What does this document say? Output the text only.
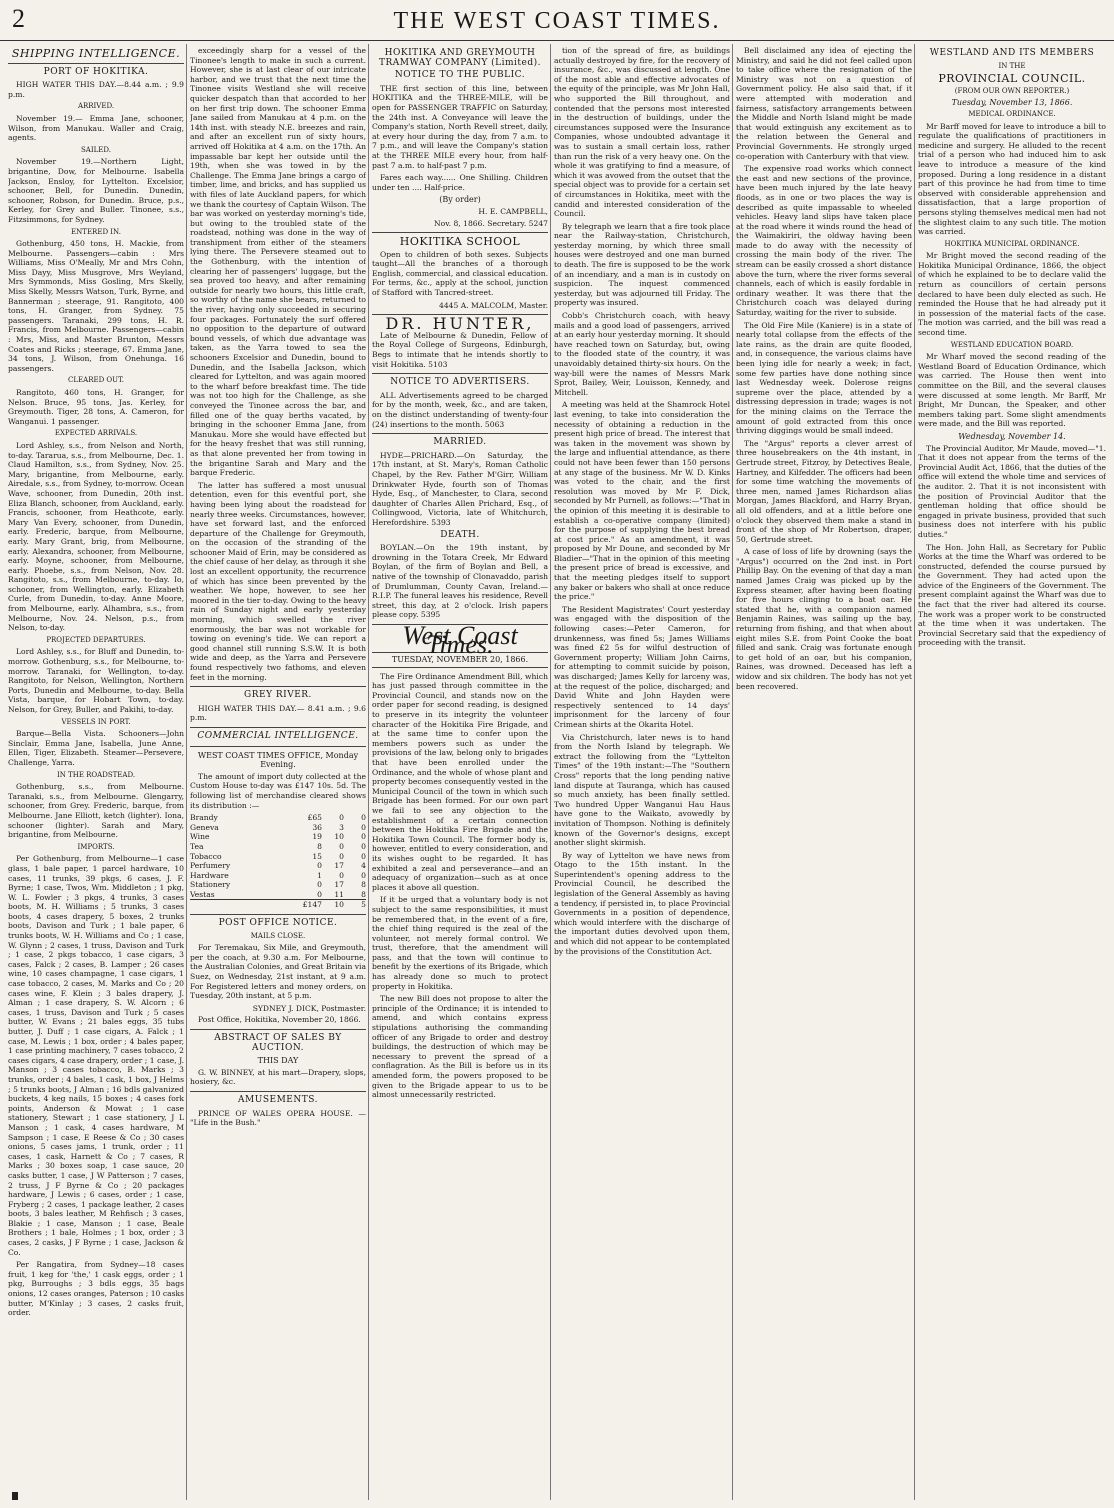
2	THE WEST COAST TIMES.
SHIPPING INTELLIGENCE.
PORT OF HOKITIKA.

HIGH WATER THIS DAY.—8.44 a.m. ; 9.9 p.m.

ARRIVED.

November 19.— Emma Jane, schooner, Wilson, from Manukau. Waller and Craig, agents.

SAILED.

November 19.—Northern Light, brigantine, Dow, for Melbourne. Isabella Jackson, Ensloy, for Lyttelton. Excelsior, schooner, Bell, for Dunedin. Dunedin, schooner, Robson, for Dunedin. Bruce, p.s., Kerley, for Grey and Buller. Tinonee, s.s., Fitzsimmons, for Sydney.

ENTERED IN.

Gothenburg, 450 tons, H. Mackie, from Melbourne. Passengers—cabin : Mrs Williams, Miss O'Meally, Mr and Mrs Cohn, Miss Dayy, Miss Musgrove, Mrs Weyland, Mrs Symmonds, Miss Gosling, Mrs Skelly, Miss Skelly, Messrs Watson, Turk, Byrne, and Bannerman ; steerage, 91. Rangitoto, 400 tons, H. Granger, from Sydney. 75 passengers. Taranaki, 299 tons, H. R. Francis, from Melbourne. Passengers—cabin : Mrs, Miss, and Master Brunton, Messrs Coates and Ricks ; steerage, 67. Emma Jane, 34 tons, J. Wilson, from Onehunga. 16 passengers.

CLEARED OUT.

Rangitoto, 460 tons, H. Granger, for Nelson. Bruce, 95 tons, Jas. Kerley, for Greymouth. Tiger, 28 tons, A. Cameron, for Wanganui. 1 passenger.

EXPECTED ARRIVALS.

Lord Ashley, s.s., from Nelson and North, to-day. Tararua, s.s., from Melbourne, Dec. 1. Claud Hamilton, s.s., from Sydney, Nov. 25. Mary, brigantine, from Melbourne, early. Airedale, s.s., from Sydney, to-morrow. Ocean Wave, schooner, from Dunedin, 20th inst. Eliza Blanch, schooner, from Auckland, early. Francis, schooner, from Heathcote, early. Mary Van Every, schooner, from Dunedin, early. Frederic, barque, from Melbourne, early. Mary Grant, brig, from Melbourne, early. Alexandra, schooner, from Melbourne, early. Moyne, schooner, from Melbourne, early. Phoebe, s.s., from Nelson, Nov. 28. Rangitoto, s.s., from Melbourne, to-day. Io, schooner, from Wellington, early. Elizabeth Curle, from Dunedin, to-day. Anne Moore, from Melbourne, early. Alhambra, s.s., from Melbourne, Nov. 24. Nelson, p.s., from Nelson, to-day.

PROJECTED DEPARTURES.

Lord Ashley, s.s., for Bluff and Dunedin, to-morrow. Gothenburg, s.s., for Melbourne, to-morrow. Taranaki, for Wellington, to-day. Rangitoto, for Nelson, Wellington, Northern Ports, Dunedin and Melbourne, to-day. Bella Vista, barque, for Hobart Town, to-day. Nelson, for Grey, Buller, and Pakihi, to-day.

VESSELS IN PORT.

Barque—Bella Vista. Schooners—John Sinclair, Emma Jane, Isabella, June Anne, Ellen, Tiger, Elizabeth. Steamer—Persevere, Challenge, Yarra.

IN THE ROADSTEAD.

Gothenburg, s.s., from Melbourne. Taranaki, s.s., from Melbourne. Glengarry, schooner, from Grey. Frederic, barque, from Melbourne. Jane Elliott, ketch (lighter). Iona, schooner (lighter). Sarah and Mary, brigantine, from Melbourne.

IMPORTS.

Per Gothenburg, from Melbourne—1 case glass, 1 bale paper, 1 parcel hardware, 10 cases, 11 trunks, 39 pkgs, 6 cases, J. F. Byrne; 1 case, Twos, Wm. Middleton ; 1 pkg, W. L. Fowler ; 3 pkgs, 4 trunks, 3 cases boots, M. H. Williams ; 5 trunks, 3 cases boots, 4 cases drapery, 5 boxes, 2 trunks boots, Davison and Turk ; 1 bale paper, 6 trunks boots, W. H. Williams and Co ; 1 case, W. Glynn ; 2 cases, 1 truss, Davison and Turk ; 1 case, 2 pkgs tobacco, 1 case cigars, 3 cases, Falck ; 2 cases, B. Lamper ; 26 cases wine, 10 cases champagne, 1 case cigars, 1 case tobacco, 2 cases, M. Marks and Co ; 20 cases wine, F. Klein ; 3 bales drapery, J. Alman ; 1 case drapery, S. W. Alcorn ; 6 cases, 1 truss, Davison and Turk ; 5 cases butter, W. Evans ; 21 bales eggs, 35 tubs butter, J. Duff ; 1 case cigars, A. Falck ; 1 case, M. Lewis ; 1 box, order ; 4 bales paper, 1 case printing machinery, 7 cases tobacco, 2 cases cigars, 4 case drapery, order ; 1 case, J. Manson ; 3 cases tobacco, B. Marks ; 3 trunks, order ; 4 bales, 1 cask, 1 box, J Helms ; 5 trunks boots, J Alman ; 16 bdls galvanized buckets, 4 keg nails, 15 boxes ; 4 cases fork points, Anderson & Mowat ; 1 case stationery, Stewart ; 1 case stationery, J L Manson ; 1 cask, 4 cases hardware, M Sampson ; 1 case, E Reese & Co ; 30 cases onions, 5 cases jams, 1 trunk, order ; 11 cases, 1 cask, Harnett & Co ; 7 cases, R Marks ; 30 boxes soap, 1 case sauce, 20 casks butter, 1 case, J W Patterson ; 7 cases, 2 truss, J F Byrne & Co ; 20 packages hardware, J Lewis ; 6 cases, order ; 1 case, Fryberg ; 2 cases, 1 package leather, 2 cases boots, 3 bales leather, M Rehfisch ; 3 cases, Blakie ; 1 case, Manson ; 1 case, Beale Brothers ; 1 bale, Holmes ; 1 box, order ; 3 cases, 2 casks, J F Byrne ; 1 case, Jackson & Co.

Per Rangatira, from Sydney—18 cases fruit, 1 keg for 'the,' 1 cask eggs, order ; 1 pkg, Burroughs ; 3 bdls eggs, 35 bags onions, 12 cases oranges, Paterson ; 10 casks butter, M'Kinlay ; 3 cases, 2 casks fruit, order.

exceedingly sharp for a vessel of the Tinonee's length to make in such a current. However, she is at last clear of our intricate harbor, and we trust that the next time the Tinonee visits Westland she will receive quicker despatch than that accorded to her on her first trip down. The schooner Emma Jane sailed from Manukau at 4 p.m. on the 14th inst. with steady N.E. breezes and rain, and after an excellent run of sixty hours, arrived off Hokitika at 4 a.m. on the 17th. An impassable bar kept her outside until the 19th, when she was towed in by the Challenge. The Emma Jane brings a cargo of timber, lime, and bricks, and has supplied us with files of late Auckland papers, for which we thank the courtesy of Captain Wilson. The bar was worked on yesterday morning's tide, but owing to the troubled state of the roadstead, nothing was done in the way of transhipment from either of the steamers lying there. The Persevere steamed out to the Gothenburg, with the intention of clearing her of passengers' luggage, but the sea proved too heavy, and after remaining outside for nearly two hours, this little craft, so worthy of the name she bears, returned to the river, having only succeeded in securing four packages. Fortunately the surf offered no opposition to the departure of outward bound vessels, of which due advantage was taken, as the Yarra towed to sea the schooners Excelsior and Dunedin, bound to Dunedin, and the Isabella Jackson, which cleared for Lyttelton, and was again moored to the wharf before breakfast time. The tide was not too high for the Challenge, as she conveyed the Tinonee across the bar, and filled one of the quay berths vacated, by bringing in the schooner Emma Jane, from Manukau. More she would have effected but for the heavy freshet that was still running, as that alone prevented her from towing in the brigantine Sarah and Mary and the barque Frederic.

The latter has suffered a most unusual detention, even for this eventful port, she having been lying about the roadstead for nearly three weeks. Circumstances, however, have set forward last, and the enforced departure of the Challenge for Greymouth, on the occasion of the stranding of the schooner Maid of Erin, may be considered as the chief cause of her delay, as through it she lost an excellent opportunity, the recurrence of which has since been prevented by the weather. We hope, however, to see her moored in the tier to-day. Owing to the heavy rain of Sunday night and early yesterday morning, which swelled the river enormously, the bar was not workable for towing on evening's tide. We can report a good channel still running S.S.W. It is both wide and deep, as the Yarra and Persevere found respectively two fathoms, and eleven feet in the morning.

GREY RIVER.

HIGH WATER THIS DAY.— 8.41 a.m. ; 9.6 p.m.

COMMERCIAL INTELLIGENCE.
WEST COAST TIMES OFFICE, Monday Evening.

The amount of import duty collected at the Custom House to-day was £147 10s. 5d. The following list of merchandise cleared shows its distribution :—

Brandy	£65	0	0
Geneva	36	3	0
Wine	19	10	0
Tea	8	0	0
Tobacco	15	0	0
Perfumery	0	17	4
Hardware	1	0	0
Stationery	0	17	8
Vestas	0	11	8
	£147	10	5
POST OFFICE NOTICE.
MAILS CLOSE.

For Teremakau, Six Mile, and Greymouth, per the coach, at 9.30 a.m. For Melbourne, the Australian Colonies, and Great Britain via Suez, on Wednesday, 21st instant, at 9 a.m. For Registered letters and money orders, on Tuesday, 20th instant, at 5 p.m.

SYDNEY J. DICK, Postmaster.

Post Office, Hokitika, November 20, 1866.

ABSTRACT OF SALES BY AUCTION.
THIS DAY

G. W. BINNEY, at his mart—Drapery, slops, hosiery, &c.

AMUSEMENTS.

PRINCE OF WALES OPERA HOUSE. — "Life in the Bush."

HOKITIKA AND GREYMOUTH TRAMWAY COMPANY (Limited).
NOTICE TO THE PUBLIC.

THE first section of this line, between HOKITIKA and the THREE-MILE, will be open for PASSENGER TRAFFIC on Saturday, the 24th inst. A Conveyance will leave the Company's station, North Revell street, daily, at every hour during the day, from 7 a.m. to 7 p.m., and will leave the Company's station at the THREE MILE every hour, from half-past 7 a.m. to half-past 7 p.m.

Fares each way...... One Shilling. Children under ten .... Half-price.

(By order)
H. E. CAMPBELL,
Nov. 8, 1866. Secretary. 5247
HOKITIKA SCHOOL

Open to children of both sexes. Subjects taught—All the branches of a thorough English, commercial, and classical education. For terms, &c., apply at the school, junction of Stafford with Tancred-street.

4445 A. MALCOLM, Master.
DR. HUNTER,

Late of Melbourne & Dunedin, Fellow of the Royal College of Surgeons, Edinburgh, Begs to intimate that he intends shortly to visit Hokitika. 5103

NOTICE TO ADVERTISERS.

ALL Advertisements agreed to be charged for by the month, week, &c., and are taken, on the distinct understanding of twenty-four (24) insertions to the month. 5063

MARRIED.

HYDE—PRICHARD.—On Saturday, the 17th instant, at St. Mary's, Roman Catholic Chapel, by the Rev. Father M'Girr, William Drinkwater Hyde, fourth son of Thomas Hyde, Esq., of Manchester, to Clara, second daughter of Charles Allen Prichard, Esq., of Collingwood, Victoria, late of Whitchurch, Herefordshire. 5393

DEATH.

BOYLAN.—On the 19th instant, by drowning in the Totara Creek, Mr Edward Boylan, of the firm of Boylan and Bell, a native of the township of Clonavaddo, parish of Drumlumman, County Cavan, Ireland.—R.I.P. The funeral leaves his residence, Revell street, this day, at 2 o'clock. Irish papers please copy. 5395

West Coast Times.
TUESDAY, NOVEMBER 20, 1866.

The Fire Ordinance Amendment Bill, which has just passed through committee in the Provincial Council, and stands now on the order paper for second reading, is designed to preserve in its integrity the volunteer character of the Hokitika Fire Brigade, and at the same time to confer upon the members powers such as under the provisions of the law, belong only to brigades that have been enrolled under the Ordinance, and the whole of whose plant and property becomes consequently vested in the Municipal Council of the town in which such Brigade has been formed. For our own part we fail to see any objection to the establishment of a certain connection between the Hokitika Fire Brigade and the Hokitika Town Council. The former body is, however, entitled to every consideration, and its wishes ought to be regarded. It has exhibited a zeal and perseverance—and an adequacy of organization—such as at once places it above all question.

If it be urged that a voluntary body is not subject to the same responsibilities, it must be remembered that, in the event of a fire, the chief thing required is the zeal of the volunteer, not merely formal control. We trust, therefore, that the amendment will pass, and that the town will continue to benefit by the exertions of its Brigade, which has already done so much to protect property in Hokitika.

The new Bill does not propose to alter the principle of the Ordinance; it is intended to amend, and which contains express stipulations authorising the commanding officer of any Brigade to order and destroy buildings, the destruction of which may be necessary to prevent the spread of a conflagration. As the Bill is before us in its amended form, the powers proposed to be given to the Brigade appear to us to be almost unnecessarily restricted.

tion of the spread of fire, as buildings actually destroyed by fire, for the recovery of insurance, &c., was discussed at length. One of the most able and effective advocates of the equity of the principle, was Mr John Hall, who supported the Bill throughout, and contended that the persons most interested in the destruction of buildings, under the circumstances supposed were the Insurance Companies, whose undoubted advantage it was to sustain a small certain loss, rather than run the risk of a very heavy one. On the whole it was gratifying to find a measure, of which it was avowed from the outset that the special object was to provide for a certain set of circumstances in Hokitika, meet with the candid and interested consideration of the Council.

By telegraph we learn that a fire took place near the Railway-station, Christchurch, yesterday morning, by which three small houses were destroyed and one man burned to death. The fire is supposed to be the work of an incendiary, and a man is in custody on suspicion. The inquest commenced yesterday, but was adjourned till Friday. The property was insured.

Cobb's Christchurch coach, with heavy mails and a good load of passengers, arrived at an early hour yesterday morning. It should have reached town on Saturday, but, owing to the flooded state of the country, it was unavoidably detained thirty-six hours. On the way-bill were the names of Messrs Mark Sprot, Bailey, Weir, Louisson, Kennedy, and Mitchell.

A meeting was held at the Shamrock Hotel last evening, to take into consideration the necessity of obtaining a reduction in the present high price of bread. The interest that was taken in the movement was shown by the large and influential attendance, as there could not have been fewer than 150 persons at any stage of the business. Mr W. D. Kinks was voted to the chair, and the first resolution was moved by Mr F. Dick, seconded by Mr Purnell, as follows:—"That in the opinion of this meeting it is desirable to establish a co-operative company (limited) for the purpose of supplying the best bread at cost price." As an amendment, it was proposed by Mr Doune, and seconded by Mr Bladier—"That in the opinion of this meeting the present price of bread is excessive, and that the meeting pledges itself to support any baker or bakers who shall at once reduce the price."

The Resident Magistrates' Court yesterday was engaged with the disposition of the following cases:—Peter Cameron, for drunkenness, was fined 5s; James Williams was fined £2 5s for wilful destruction of Government property; William John Cairns, for attempting to commit suicide by poison, was discharged; James Kelly for larceny was, at the request of the police, discharged; and David White and John Hayden were respectively sentenced to 14 days' imprisonment for the larceny of four Crimean shirts at the Okarita Hotel.

Via Christchurch, later news is to hand from the North Island by telegraph. We extract the following from the "Lyttelton Times" of the 19th instant:—The "Southern Cross" reports that the long pending native land dispute at Tauranga, which has caused so much anxiety, has been finally settled. Two hundred Upper Wanganui Hau Haus have gone to the Waikato, avowedly by invitation of Thompson. Nothing is definitely known of the Governor's designs, except another slight skirmish.

By way of Lyttelton we have news from Otago to the 15th instant. In the Superintendent's opening address to the Provincial Council, he described the legislation of the General Assembly as having a tendency, if persisted in, to place Provincial Governments in a position of dependence, which would interfere with the discharge of the important duties devolved upon them, and which did not appear to be contemplated by the provisions of the Constitution Act.

Bell disclaimed any idea of ejecting the Ministry, and said he did not feel called upon to take office where the resignation of the Ministry was not on a question of Government policy. He also said that, if it were attempted with moderation and fairness, satisfactory arrangements between the Middle and North Island might be made that would extinguish any excitement as to the relation between the General and Provincial Governments. He strongly urged co-operation with Canterbury with that view.

The expensive road works which connect the east and new sections of the province, have been much injured by the late heavy floods, as in one or two places the way is described as quite impassable to wheeled vehicles. Heavy land slips have taken place at the road where it winds round the head of the Waimakiriri, the oldway having been made to do away with the necessity of crossing the main body of the river. The stream can be easily crossed a short distance above the turn, where the river forms several channels, each of which is easily fordable in ordinary weather. It was there that the Christchurch coach was delayed during Saturday, waiting for the river to subside.

The Old Fire Mile (Kaniere) is in a state of nearly total collapse from the effects of the late rains, as the drain are quite flooded, and, in consequence, the various claims have been lying idle for nearly a week; in fact, some few parties have done nothing since last Wednesday week. Dolerose reigns supreme over the place, attended by a distressing depression in trade; wages is not for the mining claims on the Terrace the amount of gold extracted from this once thriving diggings would be small indeed.

The "Argus" reports a clever arrest of three housebreakers on the 4th instant, in Gertrude street, Fitzroy, by Detectives Beale, Hartney, and Kilfedder. The officers had been for some time watching the movements of three men, named James Richardson alias Morgan, James Blackford, and Harry Bryan, all old offenders, and at a little before one o'clock they observed them make a stand in front of the shop of Mr Robertson, draper, 50, Gertrude street.

A case of loss of life by drowning (says the "Argus") occurred on the 2nd inst. in Port Phillip Bay. On the evening of that day a man named James Craig was picked up by the Express steamer, after having been floating for five hours clinging to a boat oar. He stated that he, with a companion named Benjamin Raines, was sailing up the bay, returning from fishing, and that when about eight miles S.E. from Point Cooke the boat filled and sank. Craig was fortunate enough to get hold of an oar, but his companion, Raines, was drowned. Deceased has left a widow and six children. The body has not yet been recovered.

WESTLAND AND ITS MEMBERS
IN THE
PROVINCIAL COUNCIL.
(FROM OUR OWN REPORTER.)
Tuesday, November 13, 1866.
MEDICAL ORDINANCE.

Mr Barff moved for leave to introduce a bill to regulate the qualifications of practitioners in medicine and surgery. He alluded to the recent trial of a person who had induced him to ask leave to introduce a measure of the kind proposed. During a long residence in a distant part of this province he had from time to time observed with considerable apprehension and dissatisfaction, that a large proportion of persons styling themselves medical men had not the slightest claim to any such title. The motion was carried.

HOKITIKA MUNICIPAL ORDINANCE.

Mr Bright moved the second reading of the Hokitika Municipal Ordinance, 1866, the object of which he explained to be to declare valid the return as councillors of certain persons declared to have been duly elected as such. He reminded the House that he had already put it in possession of the material facts of the case. The motion was carried, and the bill was read a second time.

WESTLAND EDUCATION BOARD.

Mr Wharf moved the second reading of the Westland Board of Education Ordinance, which was carried. The House then went into committee on the Bill, and the several clauses were discussed at some length. Mr Barff, Mr Bright, Mr Duncan, the Speaker, and other members taking part. Some slight amendments were made, and the Bill was reported.

Wednesday, November 14.

The Provincial Auditor, Mr Maude, moved—"1. That it does not appear from the terms of the Provincial Audit Act, 1866, that the duties of the office will extend the whole time and services of the auditor. 2. That it is not inconsistent with the position of Provincial Auditor that the gentleman holding that office should be engaged in private business, provided that such business does not interfere with his public duties."

The Hon. John Hall, as Secretary for Public Works at the time the Wharf was ordered to be constructed, defended the course pursued by the Government. They had acted upon the advice of the Engineers of the Government. The present complaint against the Wharf was due to the fact that the river had altered its course. The work was a proper work to be constructed at the time when it was undertaken. The Provincial Secretary said that the expediency of proceeding with the transit.
